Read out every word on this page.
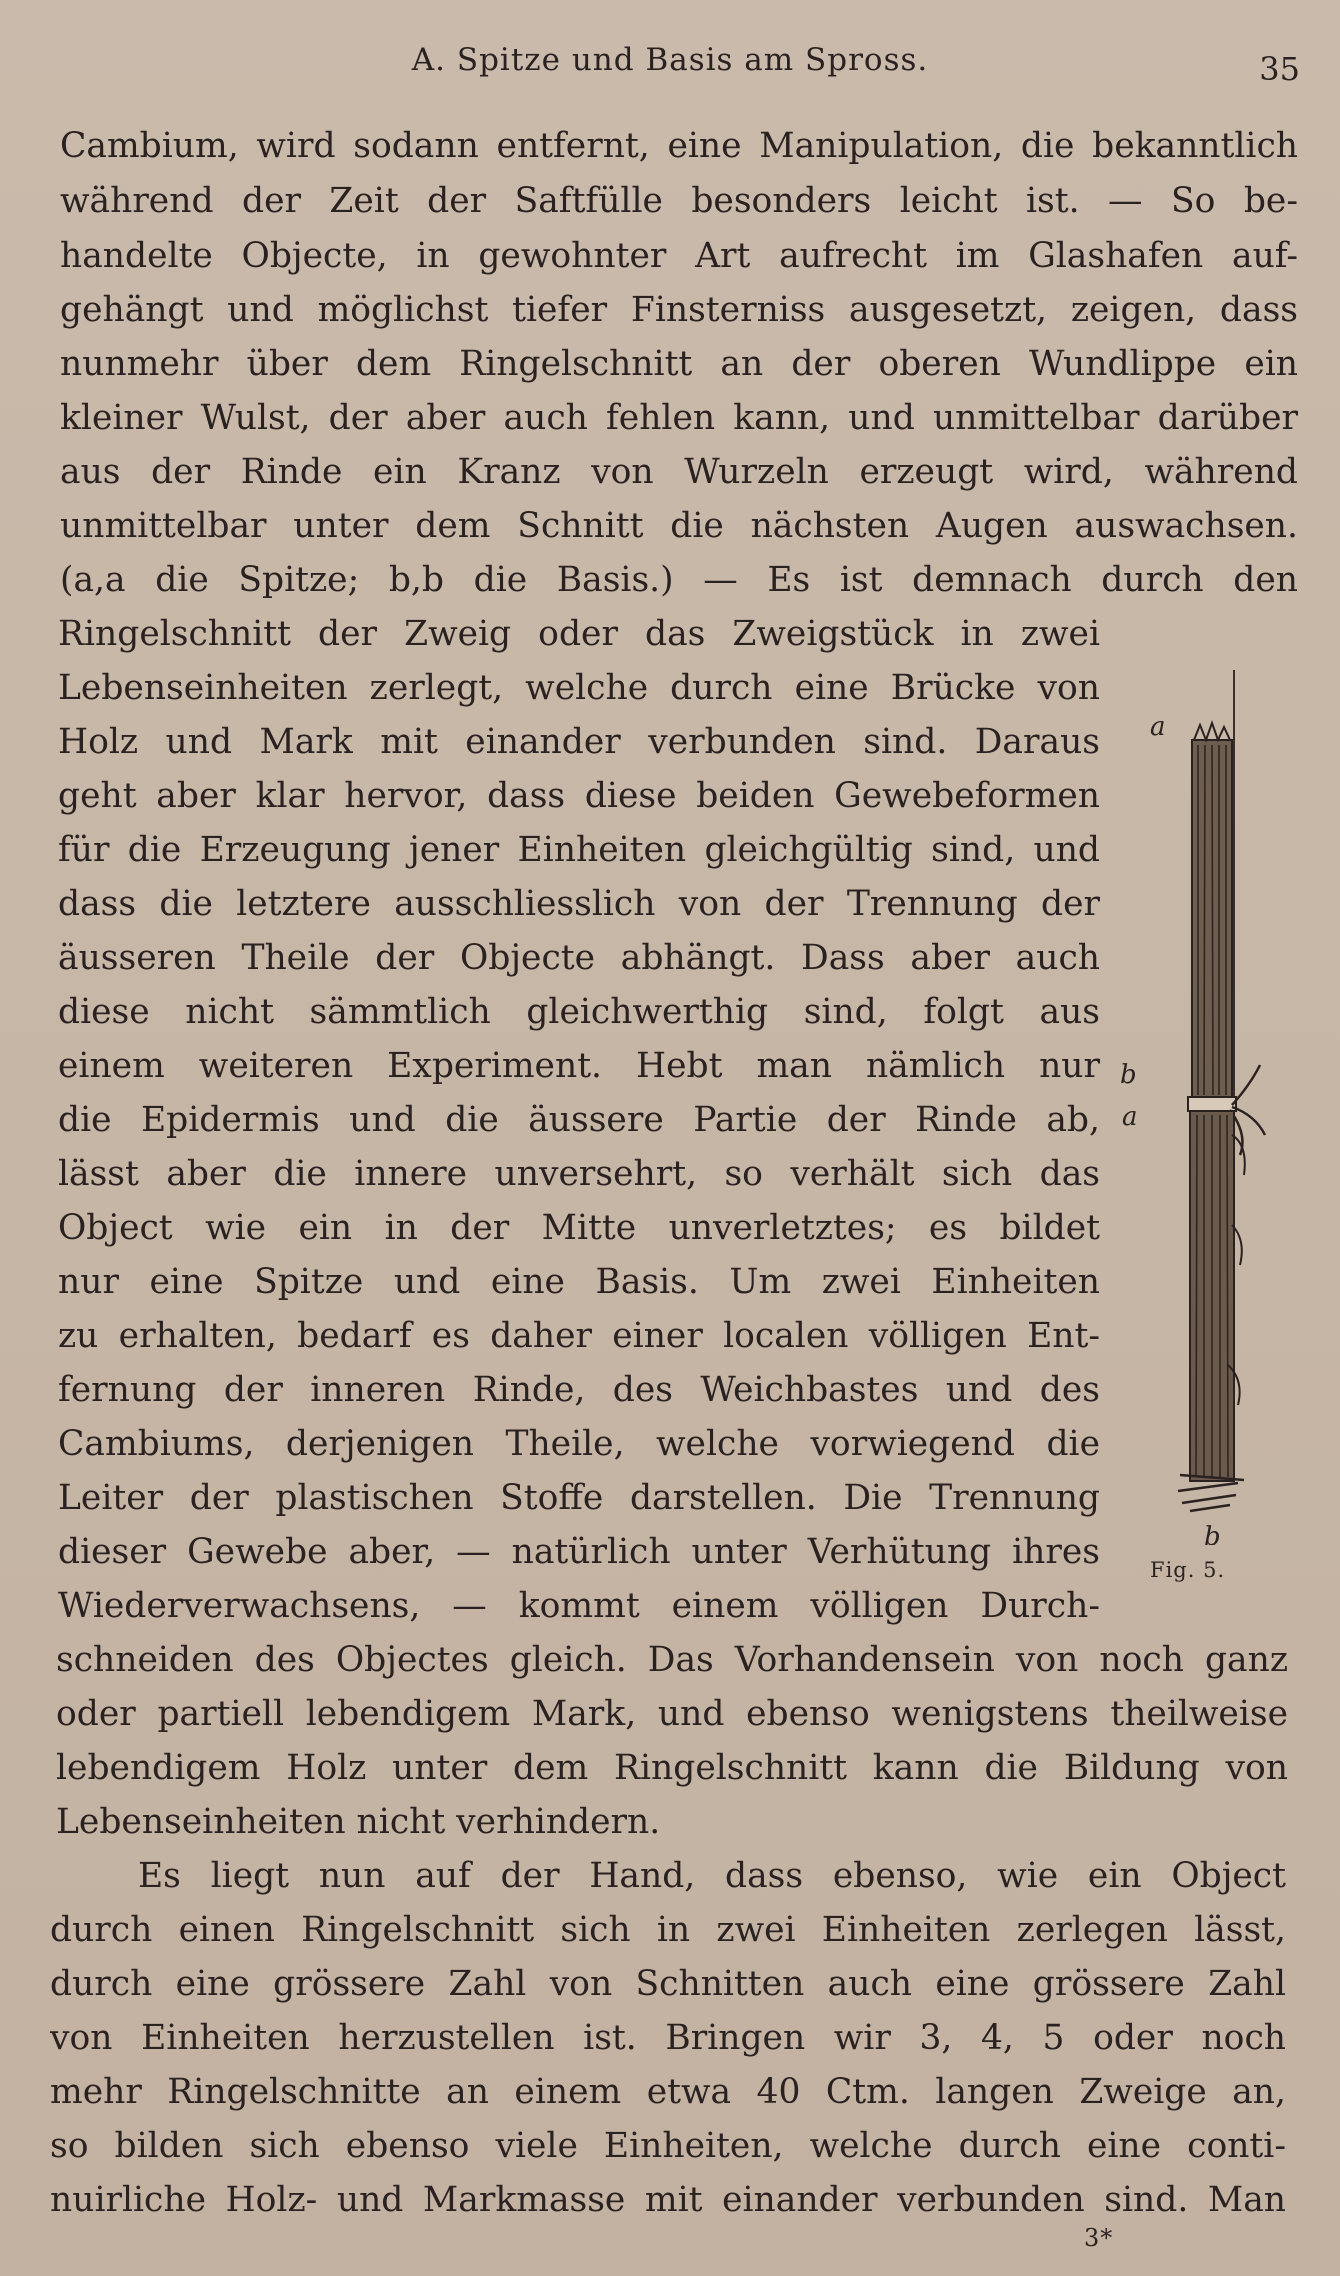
A. Spitze und Basis am Spross.	35
Cambium, wird sodann entfernt, eine Manipulation, die bekanntlich
während der Zeit der Saftfülle besonders leicht ist. — So be-
handelte Objecte, in gewohnter Art aufrecht im Glashafen auf-
gehängt und möglichst tiefer Finsterniss ausgesetzt, zeigen, dass
nunmehr über dem Ringelschnitt an der oberen Wundlippe ein
kleiner Wulst, der aber auch fehlen kann, und unmittelbar darüber
aus der Rinde ein Kranz von Wurzeln erzeugt wird, während
unmittelbar unter dem Schnitt die nächsten Augen auswachsen.
(a,a die Spitze; b,b die Basis.) — Es ist demnach durch den
Ringelschnitt der Zweig oder das Zweigstück in zwei
Lebenseinheiten zerlegt, welche durch eine Brücke von
Holz und Mark mit einander verbunden sind. Daraus
geht aber klar hervor, dass diese beiden Gewebeformen
für die Erzeugung jener Einheiten gleichgültig sind, und
dass die letztere ausschliesslich von der Trennung der
äusseren Theile der Objecte abhängt. Dass aber auch
diese nicht sämmtlich gleichwerthig sind, folgt aus
einem weiteren Experiment. Hebt man nämlich nur
die Epidermis und die äussere Partie der Rinde ab,
lässt aber die innere unversehrt, so verhält sich das
Object wie ein in der Mitte unverletztes; es bildet
nur eine Spitze und eine Basis. Um zwei Einheiten
zu erhalten, bedarf es daher einer localen völligen Ent-
fernung der inneren Rinde, des Weichbastes und des
Cambiums, derjenigen Theile, welche vorwiegend die
Leiter der plastischen Stoffe darstellen. Die Trennung
dieser Gewebe aber, — natürlich unter Verhütung ihres
Wiederverwachsens, — kommt einem völligen Durch-
schneiden des Objectes gleich. Das Vorhandensein von noch ganz
oder partiell lebendigem Mark, und ebenso wenigstens theilweise
lebendigem Holz unter dem Ringelschnitt kann die Bildung von
Lebenseinheiten nicht verhindern.
Es liegt nun auf der Hand, dass ebenso, wie ein Object
durch einen Ringelschnitt sich in zwei Einheiten zerlegen lässt,
durch eine grössere Zahl von Schnitten auch eine grössere Zahl
von Einheiten herzustellen ist. Bringen wir 3, 4, 5 oder noch
mehr Ringelschnitte an einem etwa 40 Ctm. langen Zweige an,
so bilden sich ebenso viele Einheiten, welche durch eine conti-
nuirliche Holz- und Markmasse mit einander verbunden sind. Man
a
b
a
b
Fig. 5.
3*
